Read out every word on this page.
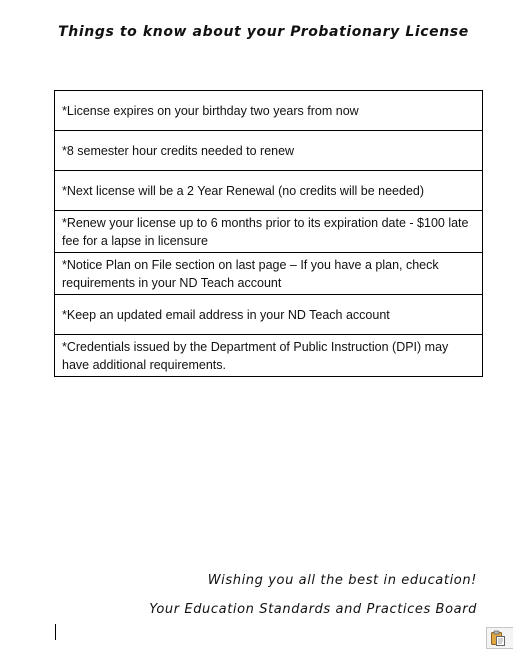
Things to know about your Probationary License
*License expires on your birthday two years from now
*8 semester hour credits needed to renew
*Next license will be a 2 Year Renewal (no credits will be needed)
*Renew your license up to 6 months prior to its expiration date - $100 late fee for a lapse in licensure
*Notice Plan on File section on last page – If you have a plan, check requirements in your ND Teach account
*Keep an updated email address in your ND Teach account
*Credentials issued by the Department of Public Instruction (DPI) may have additional requirements.
Wishing you all the best in education!
Your Education Standards and Practices Board
